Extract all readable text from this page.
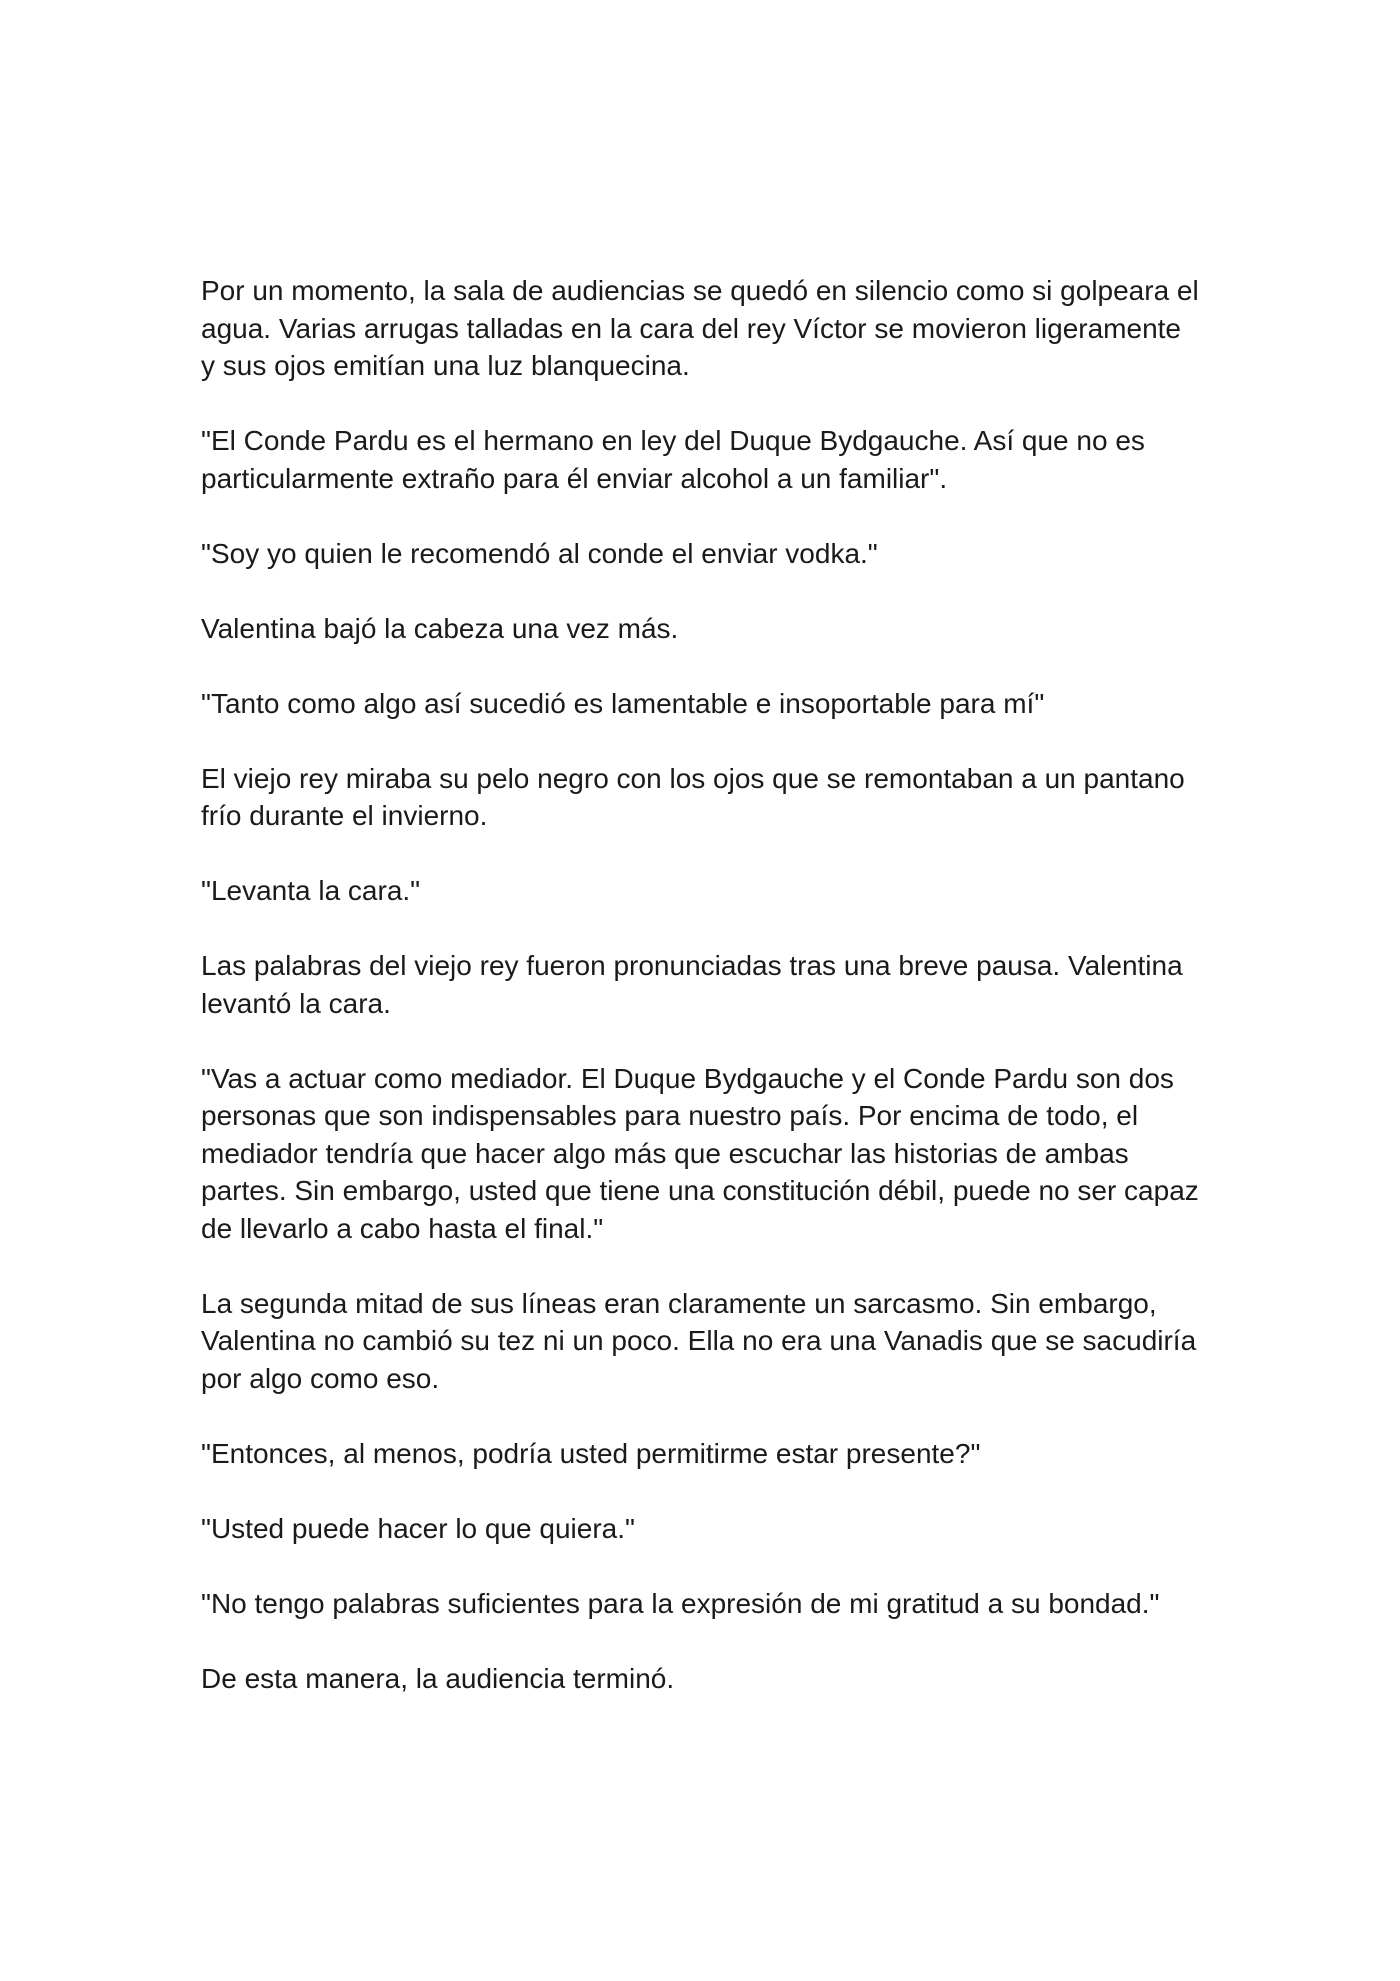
Por un momento, la sala de audiencias se quedó en silencio como si golpeara el agua. Varias arrugas talladas en la cara del rey Víctor se movieron ligeramente y sus ojos emitían una luz blanquecina.

"El Conde Pardu es el hermano en ley del Duque Bydgauche. Así que no es particularmente extraño para él enviar alcohol a un familiar".

"Soy yo quien le recomendó al conde el enviar vodka."

Valentina bajó la cabeza una vez más.

"Tanto como algo así sucedió es lamentable e insoportable para mí"

El viejo rey miraba su pelo negro con los ojos que se remontaban a un pantano frío durante el invierno.

"Levanta la cara."

Las palabras del viejo rey fueron pronunciadas tras una breve pausa. Valentina levantó la cara.

"Vas a actuar como mediador. El Duque Bydgauche y el Conde Pardu son dos personas que son indispensables para nuestro país. Por encima de todo, el mediador tendría que hacer algo más que escuchar las historias de ambas partes. Sin embargo, usted que tiene una constitución débil, puede no ser capaz de llevarlo a cabo hasta el final."

La segunda mitad de sus líneas eran claramente un sarcasmo. Sin embargo, Valentina no cambió su tez ni un poco. Ella no era una Vanadis que se sacudiría por algo como eso.

"Entonces, al menos, podría usted permitirme estar presente?"

"Usted puede hacer lo que quiera."

"No tengo palabras suficientes para la expresión de mi gratitud a su bondad."

De esta manera, la audiencia terminó.
